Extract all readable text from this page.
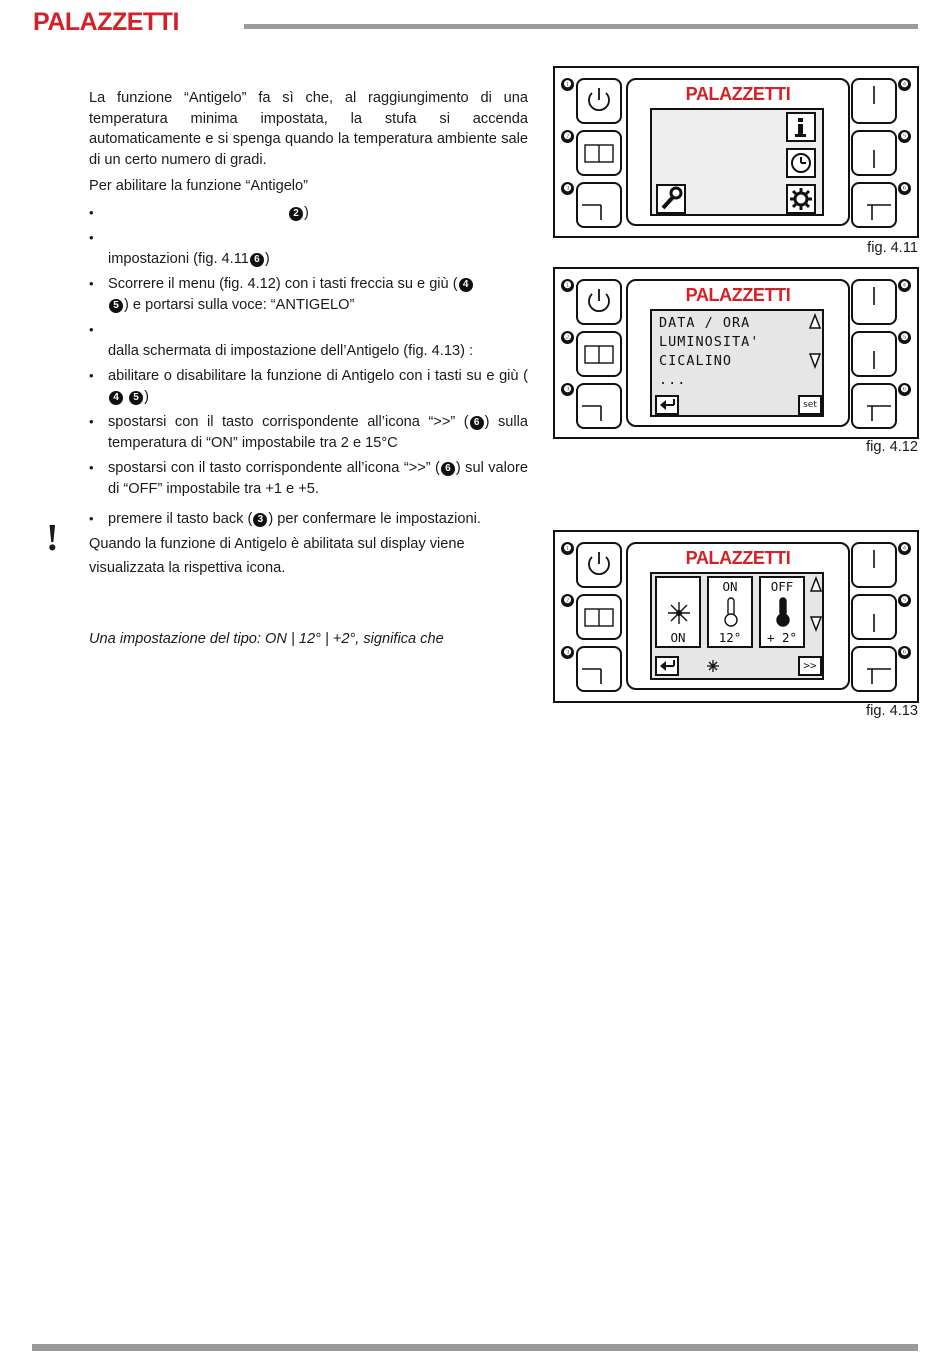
PALAZZETTI

La funzione “Antigelo” fa sì che, al raggiungimento di una temperatura minima impostata, la stufa si accenda automaticamente e si spenga quando la temperatura ambiente sale di un certo numero di gradi.

Per abilitare la funzione “Antigelo”

• 2 )

• impostazioni (fig. 4.11 6 )
• Scorrere il menu (fig. 4.12) con i tasti freccia su e giù ( 4
5 ) e portarsi sulla voce: “ANTIGELO”

• dalla schermata di impostazione dell’Antigelo (fig. 4.13) :
• abilitare o disabilitare la funzione di Antigelo con i tasti su e giù (4 5 )
• spostarsi con il tasto corrispondente all’icona “>>” ( 6 ) sulla temperatura di “ON” impostabile tra 2 e 15°C
• spostarsi con il tasto corrispondente all’icona “>>” ( 6 ) sul valore di “OFF” impostabile tra +1 e +5.
• premere il tasto back ( 3 ) per confermare le impostazioni.

Quando la funzione di Antigelo è abilitata sul display viene visualizzata la rispettiva icona.

!

Una impostazione del tipo: ON | 12° | +2°, significa che

❶
❷
❸
❹
❺
❻
PALAZZETTI
fig. 4.11
❶
❷
❸
❹
❺
❻
PALAZZETTI
DATA / ORA
LUMINOSITA'
CICALINO
...
set
fig. 4.12
❶
❷
❸
❹
❺
❻
PALAZZETTI
ON
ON
12°
OFF
+ 2°
>>
fig. 4.13
